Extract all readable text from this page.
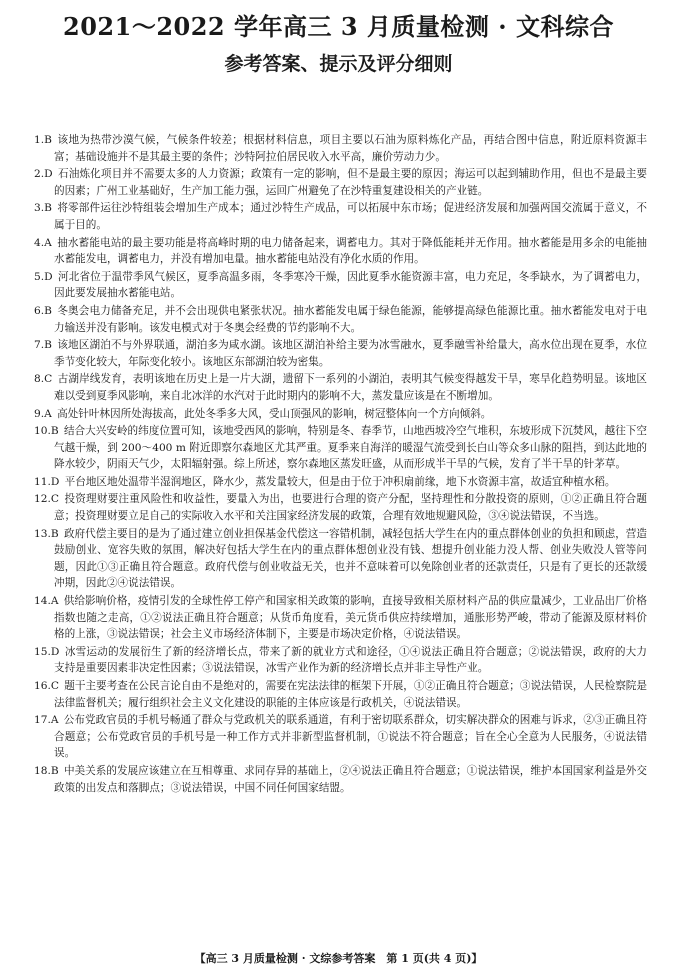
2021～2022 学年高三 3 月质量检测 · 文科综合
参考答案、提示及评分细则
1.B  该地为热带沙漠气候，气候条件较差；根据材料信息，项目主要以石油为原料炼化产品，再结合图中信息，附近原料资源丰富；基础设施并不是其最主要的条件；沙特阿拉伯居民收入水平高，廉价劳动力少。
2.D  石油炼化项目并不需要太多的人力资源；政策有一定的影响，但不是最主要的原因；海运可以起到辅助作用，但也不是最主要的因素；广州工业基础好，生产加工能力强，运回广州避免了在沙特重复建设相关的产业链。
3.B  将零部件运往沙特组装会增加生产成本；通过沙特生产成品，可以拓展中东市场；促进经济发展和加强两国交流属于意义，不属于目的。
4.A  抽水蓄能电站的最主要功能是将高峰时期的电力储备起来，调蓄电力。其对于降低能耗并无作用。抽水蓄能是用多余的电能抽水蓄能发电，调蓄电力，并没有增加电量。抽水蓄能电站没有净化水质的作用。
5.D  河北省位于温带季风气候区，夏季高温多雨，冬季寒冷干燥，因此夏季水能资源丰富，电力充足，冬季缺水，为了调蓄电力，因此要发展抽水蓄能电站。
6.B  冬奥会电力储备充足，并不会出现供电紧张状况。抽水蓄能发电属于绿色能源，能够提高绿色能源比重。抽水蓄能发电对于电力输送并没有影响。该发电模式对于冬奥会经费的节约影响不大。
7.B  该地区湖泊不与外界联通，湖泊多为咸水湖。该地区湖泊补给主要为冰雪融水，夏季融雪补给量大，高水位出现在夏季，水位季节变化较大，年际变化较小。该地区东部湖泊较为密集。
8.C  古湖岸线发育，表明该地在历史上是一片大湖，遗留下一系列的小湖泊，表明其气候变得越发干旱，寒旱化趋势明显。该地区难以受到夏季风影响，来自北冰洋的水汽对于此时期内的影响不大，蒸发量应该是在不断增加。
9.A  高处针叶林因所处海拔高，此处冬季多大风，受山顶强风的影响，树冠整体向一个方向倾斜。
10.B  结合大兴安岭的纬度位置可知，该地受西风的影响，特别是冬、春季节，山地西坡冷空气堆积，东坡形成下沉焚风，越往下空气越干燥，到 200～400 m 附近即察尔森地区尤其严重。夏季来自海洋的暖湿气流受到长白山等众多山脉的阻挡，到达此地的降水较少，阴雨天气少，太阳辐射强。综上所述，察尔森地区蒸发旺盛，从而形成半干旱的气候，发育了半干旱的针茅草。
11.D  平台地区地处温带半湿润地区，降水少，蒸发量较大，但是由于位于冲积扇前缘，地下水资源丰富，故适宜种植水稻。
12.C  投资理财要注重风险性和收益性，要量入为出，也要进行合理的资产分配，坚持理性和分散投资的原则，①②正确且符合题意；投资理财要立足自己的实际收入水平和关注国家经济发展的政策，合理有效地规避风险，③④说法错误，不当选。
13.B  政府代偿主要目的是为了通过建立创业担保基金代偿这一容错机制，减轻包括大学生在内的重点群体创业的负担和顾虑，营造鼓励创业、宽容失败的氛围，解决好包括大学生在内的重点群体想创业没有钱、想提升创业能力没人帮、创业失败没人管等问题，因此①③正确且符合题意。政府代偿与创业收益无关，也并不意味着可以免除创业者的还款责任，只是有了更长的还款缓冲期，因此②④说法错误。
14.A  供给影响价格，疫情引发的全球性停工停产和国家相关政策的影响，直接导致相关原材料产品的供应量减少，工业品出厂价格指数也随之走高，①②说法正确且符合题意；从货币角度看，美元货币供应持续增加，通胀形势严峻，带动了能源及原材料价格的上涨，③说法错误；社会主义市场经济体制下，主要是市场决定价格，④说法错误。
15.D  冰雪运动的发展衍生了新的经济增长点，带来了新的就业方式和途径，①④说法正确且符合题意；②说法错误，政府的大力支持是重要因素非决定性因素；③说法错误，冰雪产业作为新的经济增长点并非主导性产业。
16.C  题干主要考查在公民言论自由不是绝对的，需要在宪法法律的框架下开展，①②正确且符合题意；③说法错误，人民检察院是法律监督机关；履行组织社会主义文化建设的职能的主体应该是行政机关，④说法错误。
17.A  公布党政官员的手机号畅通了群众与党政机关的联系通道，有利于密切联系群众，切实解决群众的困难与诉求，②③正确且符合题意；公布党政官员的手机号是一种工作方式并非新型监督机制，①说法不符合题意；旨在全心全意为人民服务，④说法错误。
18.B  中美关系的发展应该建立在互相尊重、求同存异的基础上，②④说法正确且符合题意；①说法错误，维护本国国家利益是外交政策的出发点和落脚点；③说法错误，中国不同任何国家结盟。
【高三 3 月质量检测 · 文综参考答案　第 1 页(共 4 页)】
